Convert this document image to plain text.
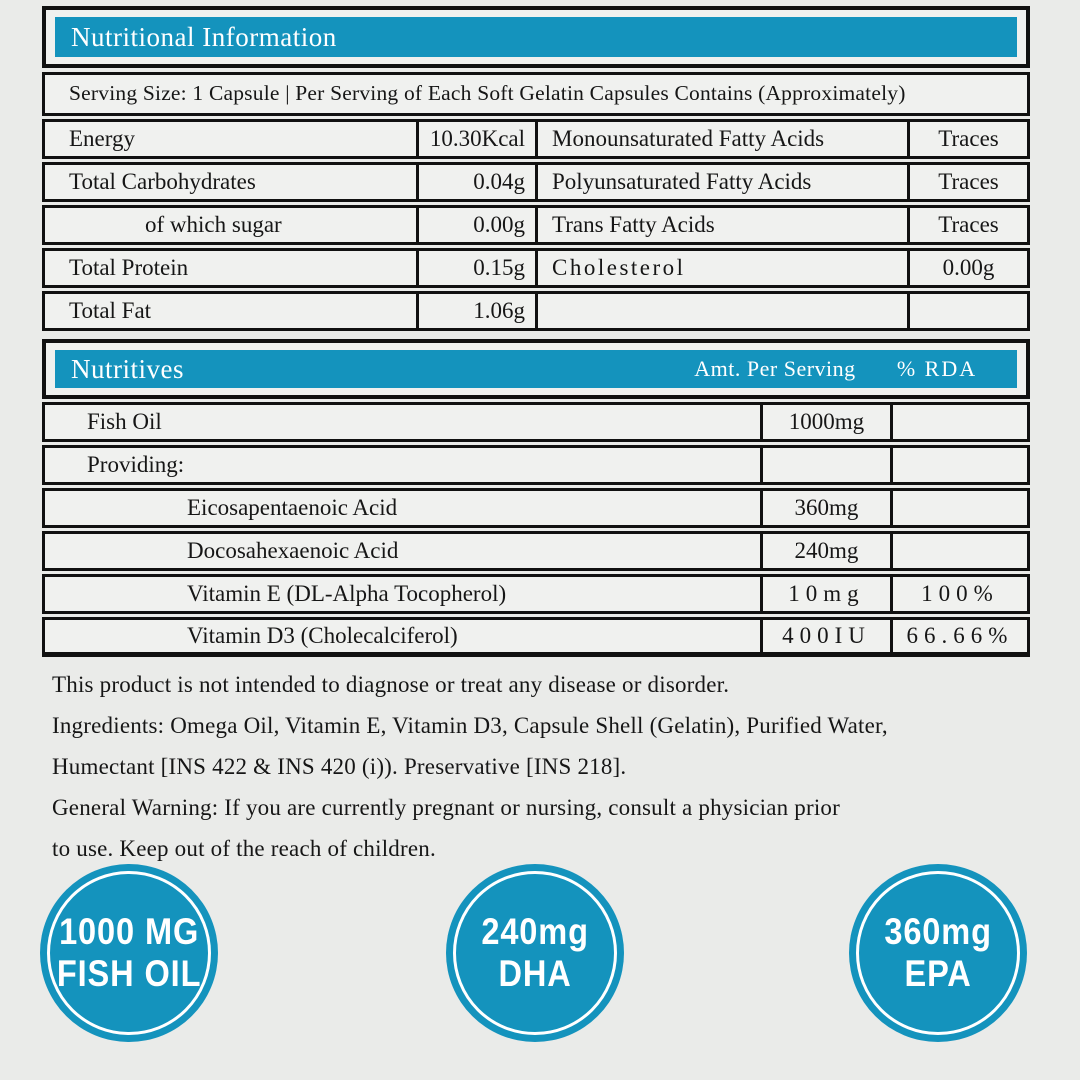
Nutritional Information
Serving Size: 1 Capsule | Per Serving of Each Soft Gelatin Capsules Contains (Approximately)
Energy	10.30Kcal	Monounsaturated Fatty Acids	Traces
Total Carbohydrates	0.04g	Polyunsaturated Fatty Acids	Traces
of which sugar	0.00g	Trans Fatty Acids	Traces
Total Protein	0.15g	Cholesterol	0.00g
Total Fat	1.06g
Nutritives	Amt. Per Serving	% RDA
Fish Oil	1000mg
Providing:
Eicosapentaenoic Acid	360mg
Docosahexaenoic Acid	240mg
Vitamin E (DL-Alpha Tocopherol)	10mg	100%
Vitamin D3 (Cholecalciferol)	400IU	66.66%

This product is not intended to diagnose or treat any disease or disorder.

Ingredients: Omega Oil, Vitamin E, Vitamin D3, Capsule Shell (Gelatin), Purified Water,

Humectant [INS 422 & INS 420 (i)). Preservative [INS 218].

General Warning: If you are currently pregnant or nursing, consult a physician prior

to use. Keep out of the reach of children.

1000 MG
FISH OIL
240mg
DHA
360mg
EPA
